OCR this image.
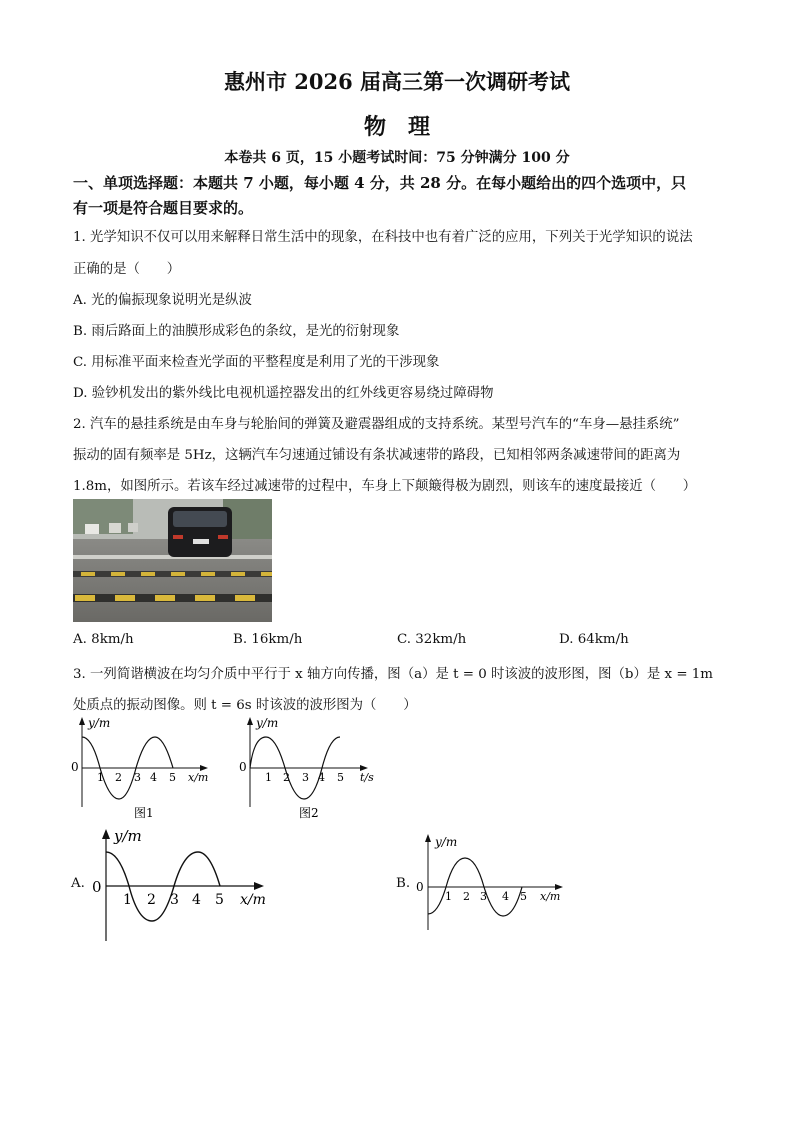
惠州市 2026 届高三第一次调研考试
物　理
本卷共 6 页，15 小题考试时间：75 分钟满分 100 分
一、单项选择题：本题共 7 小题，每小题 4 分，共 28 分。在每小题给出的四个选项中，只
有一项是符合题目要求的。
1. 光学知识不仅可以用来解释日常生活中的现象，在科技中也有着广泛的应用，下列关于光学知识的说法
正确的是（　　）
A. 光的偏振现象说明光是纵波
B. 雨后路面上的油膜形成彩色的条纹，是光的衍射现象
C. 用标准平面来检查光学面的平整程度是利用了光的干涉现象
D. 验钞机发出的紫外线比电视机遥控器发出的红外线更容易绕过障碍物
2. 汽车的悬挂系统是由车身与轮胎间的弹簧及避震器组成的支持系统。某型号汽车的“车身—悬挂系统”
振动的固有频率是 5Hz，这辆汽车匀速通过铺设有条状减速带的路段，已知相邻两条减速带间的距离为
1.8m，如图所示。若该车经过减速带的过程中，车身上下颠簸得极为剧烈，则该车的速度最接近（　　）
A. 8km/h	B. 16km/h	C. 32km/h	D. 64km/h
3. 一列简谐横波在均匀介质中平行于 x 轴方向传播，图（a）是 t = 0 时该波的波形图，图（b）是 x = 1m
处质点的振动图像。则 t = 6s 时该波的波形图为（　　）
y/m
0
1 2 3 4 5 x/m
图1
y/m
0
1 2 3 4 5 t/s
图2
A.
y/m
0
1 2 3 4 5 x/m
B.
y/m
0
1 2 3 4 5 x/m
